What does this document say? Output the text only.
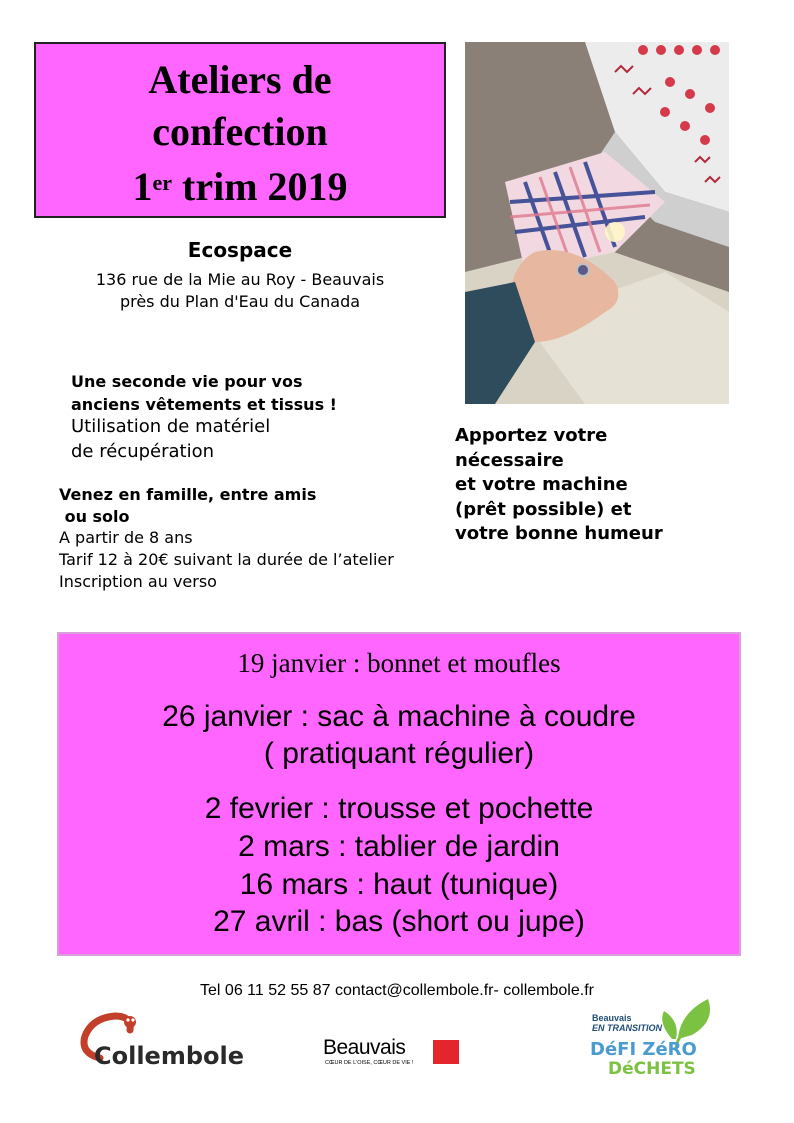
Ateliers de
confection
1er trim 2019
Ecospace
136 rue de la Mie au Roy - Beauvais
près du Plan d'Eau du Canada
Une seconde vie pour vos
anciens vêtements et tissus !
Utilisation de matériel
de récupération
Venez en famille, entre amis
ou solo
A partir de 8 ans
Tarif 12 à 20€ suivant la durée de l’atelier
Inscription au verso
Apportez votre
nécessaire
et votre machine
(prêt possible) et
votre bonne humeur
19 janvier : bonnet et moufles
26 janvier : sac à machine à coudre
( pratiquant régulier)
2 fevrier : trousse et pochette
2 mars : tablier de jardin
16 mars : haut (tunique)
27 avril : bas (short ou jupe)
Tel 06 11 52 55 87 contact@collembole.fr- collembole.fr
Collembole	Beauvais
CŒUR DE L'OISE, CŒUR DE VIE !
Beauvais
EN TRANSITION
DéFI ZéRO
DéCHETS
